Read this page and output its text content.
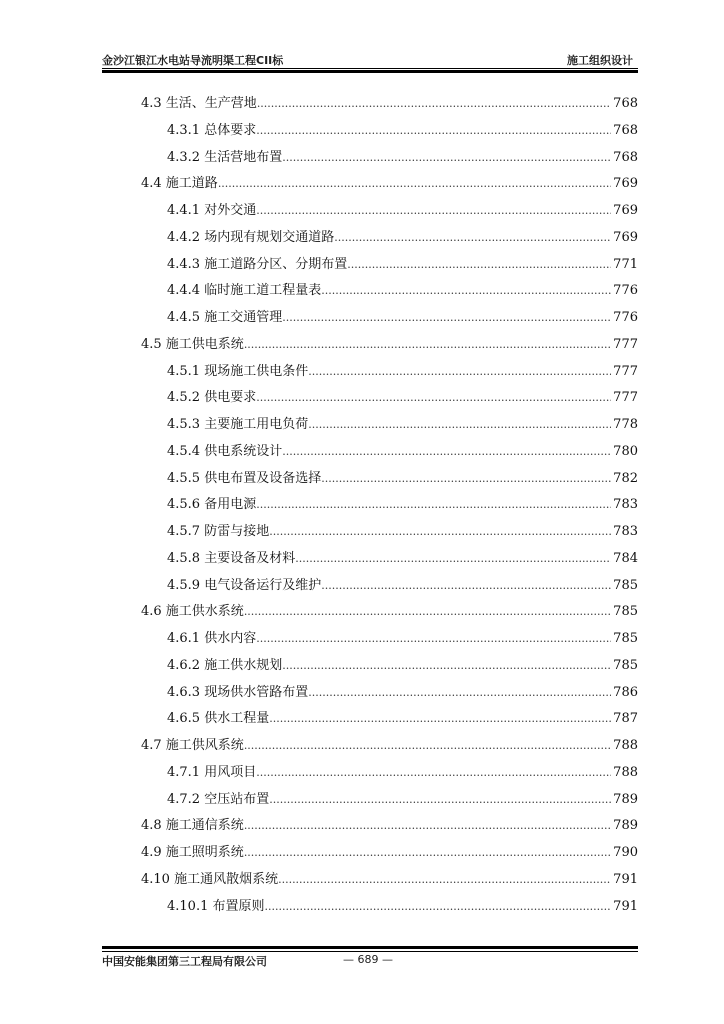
金沙江银江水电站导流明渠工程CII标	施工组织设计
4.3 生活、生产营地 .....	768
4.3.1 总体要求 .....	768
4.3.2 生活营地布置 .....	768
4.4 施工道路 .....	769
4.4.1 对外交通 .....	769
4.4.2 场内现有规划交通道路 .....	769
4.4.3 施工道路分区、分期布置 .....	771
4.4.4 临时施工道工程量表 .....	776
4.4.5 施工交通管理 .....	776
4.5 施工供电系统 .....	777
4.5.1 现场施工供电条件 .....	777
4.5.2 供电要求 .....	777
4.5.3 主要施工用电负荷 .....	778
4.5.4 供电系统设计 .....	780
4.5.5 供电布置及设备选择 .....	782
4.5.6 备用电源 .....	783
4.5.7 防雷与接地 .....	783
4.5.8 主要设备及材料 .....	784
4.5.9 电气设备运行及维护 .....	785
4.6 施工供水系统 .....	785
4.6.1 供水内容 .....	785
4.6.2 施工供水规划 .....	785
4.6.3 现场供水管路布置 .....	786
4.6.5 供水工程量 .....	787
4.7 施工供风系统 .....	788
4.7.1 用风项目 .....	788
4.7.2 空压站布置 .....	789
4.8 施工通信系统 .....	789
4.9 施工照明系统 .....	790
4.10 施工通风散烟系统 .....	791
4.10.1 布置原则 .....	791
中国安能集团第三工程局有限公司	— 689 —
